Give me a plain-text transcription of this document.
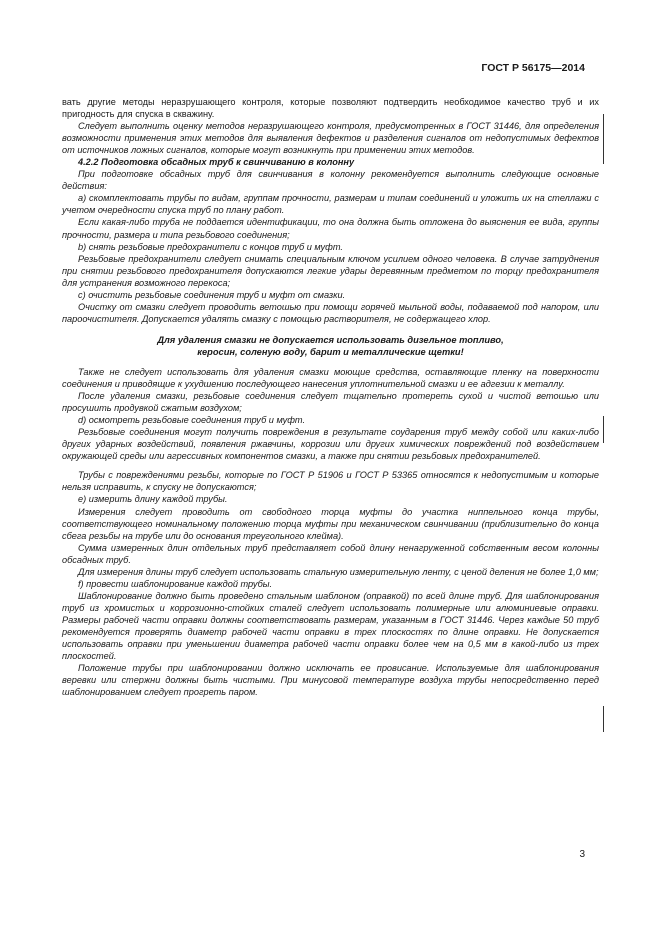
ГОСТ Р 56175—2014

вать другие методы неразрушающего контроля, которые позволяют подтвердить необходимое качество труб и их пригодность для спуска в скважину.

Следует выполнить оценку методов неразрушающего контроля, предусмотренных в ГОСТ 31446, для определения возможности применения этих методов для выявления дефектов и разделения сигналов от недопустимых дефектов от источников ложных сигналов, которые могут возникнуть при применении этих методов.

4.2.2 Подготовка обсадных труб к свинчиванию в колонну

При подготовке обсадных труб для свинчивания в колонну рекомендуется выполнить следующие основные действия:

а) скомплектовать трубы по видам, группам прочности, размерам и типам соединений и уложить их на стеллажи с учетом очередности спуска труб по плану работ.

Если какая-либо труба не поддается идентификации, то она должна быть отложена до выяснения ее вида, группы прочности, размера и типа резьбового соединения;

b) снять резьбовые предохранители с концов труб и муфт.

Резьбовые предохранители следует снимать специальным ключом усилием одного человека. В случае затруднения при снятии резьбового предохранителя допускаются легкие удары деревянным предметом по торцу предохранителя для устранения возможного перекоса;

с) очистить резьбовые соединения труб и муфт от смазки.

Очистку от смазки следует проводить ветошью при помощи горячей мыльной воды, подаваемой под напором, или пароочистителя. Допускается удалять смазку с помощью растворителя, не содержащего хлор.

Для удаления смазки не допускается использовать дизельное топливо,
керосин, соленую воду, барит и металлические щетки!

Также не следует использовать для удаления смазки моющие средства, оставляющие пленку на поверхности соединения и приводящие к ухудшению последующего нанесения уплотнительной смазки и ее адгезии к металлу.

После удаления смазки, резьбовые соединения следует тщательно протереть сухой и чистой ветошью или просушить продувкой сжатым воздухом;

d) осмотреть резьбовые соединения труб и муфт.

Резьбовые соединения могут получить повреждения в результате соударения труб между собой или каких-либо других ударных воздействий, появления ржавчины, коррозии или других химических повреждений под воздействием окружающей среды или агрессивных компонентов смазки, а также при снятии резьбовых предохранителей.

Трубы с повреждениями резьбы, которые по ГОСТ Р 51906 и ГОСТ Р 53365 относятся к недопустимым и которые нельзя исправить, к спуску не допускаются;

е) измерить длину каждой трубы.

Измерения следует проводить от свободного торца муфты до участка ниппельного конца трубы, соответствующего номинальному положению торца муфты при механическом свинчивании (приблизительно до конца сбега резьбы на трубе или до основания треугольного клейма).

Сумма измеренных длин отдельных труб представляет собой длину ненагруженной собственным весом колонны обсадных труб.

Для измерения длины труб следует использовать стальную измерительную ленту, с ценой деления не более 1,0 мм;

f) провести шаблонирование каждой трубы.

Шаблонирование должно быть проведено стальным шаблоном (оправкой) по всей длине труб. Для шаблонирования труб из хромистых и коррозионно-стойких сталей следует использовать полимерные или алюминиевые оправки. Размеры рабочей части оправки должны соответствовать размерам, указанным в ГОСТ 31446. Через каждые 50 труб рекомендуется проверять диаметр рабочей части оправки в трех плоскостях по длине оправки. Не допускается использовать оправки при уменьшении диаметра рабочей части оправки более чем на 0,5 мм в какой-либо из трех плоскостей.

Положение трубы при шаблонировании должно исключать ее провисание. Используемые для шаблонирования веревки или стержни должны быть чистыми. При минусовой температуре воздуха трубы непосредственно перед шаблонированием следует прогреть паром.

3
